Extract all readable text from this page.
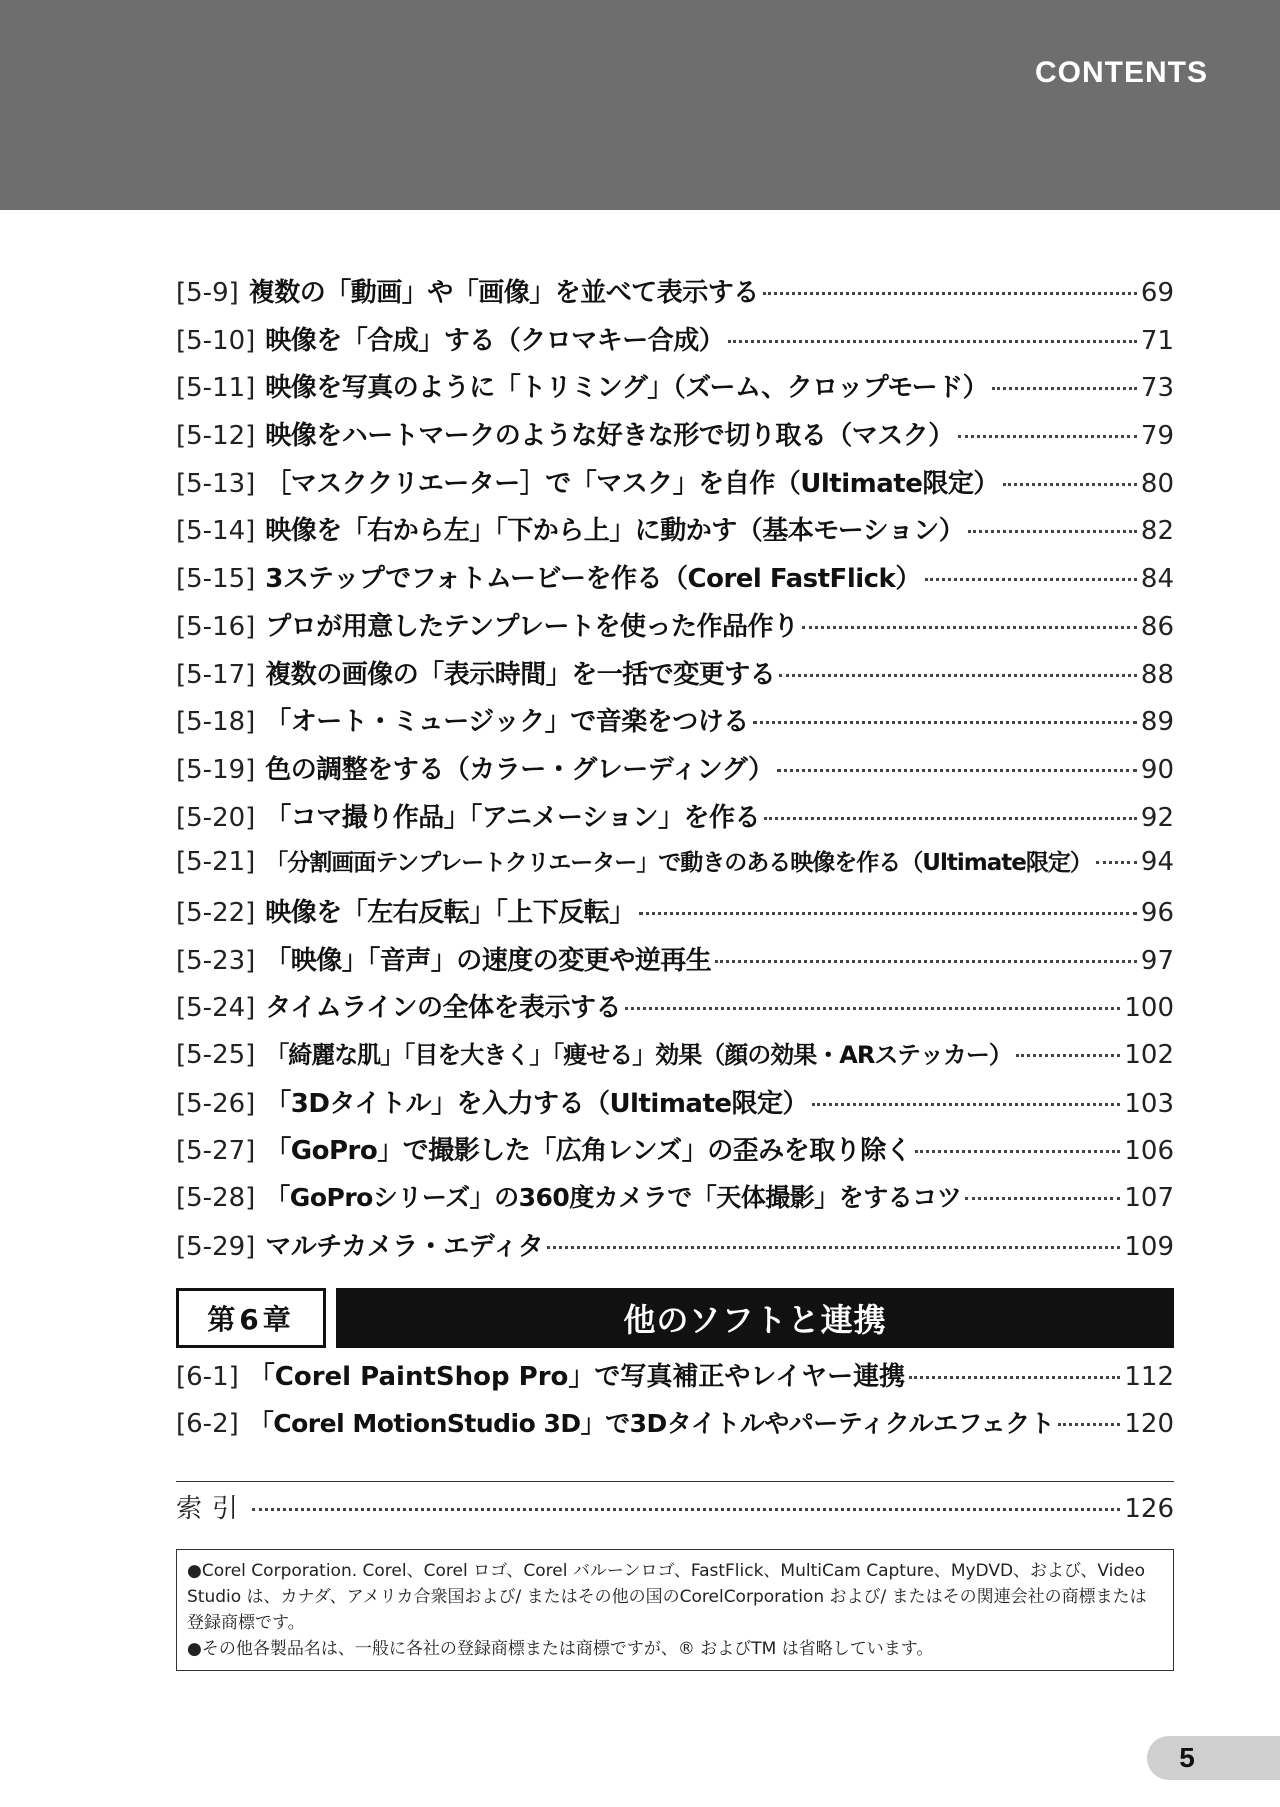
CONTENTS
[5-9] 複数の「動画」や「画像」を並べて表示する	69
[5-10] 映像を「合成」する（クロマキー合成）	71
[5-11] 映像を写真のように「トリミング」（ズーム、クロップモード）	73
[5-12] 映像をハートマークのような好きな形で切り取る（マスク）	79
[5-13] ［マスククリエーター］で「マスク」を自作（Ultimate限定）	80
[5-14] 映像を「右から左」「下から上」に動かす（基本モーション）	82
[5-15] 3ステップでフォトムービーを作る（Corel FastFlick）	84
[5-16] プロが用意したテンプレートを使った作品作り	86
[5-17] 複数の画像の「表示時間」を一括で変更する	88
[5-18] 「オート・ミュージック」で音楽をつける	89
[5-19] 色の調整をする（カラー・グレーディング）	90
[5-20] 「コマ撮り作品」「アニメーション」を作る	92
[5-21] 「分割画面テンプレートクリエーター」で動きのある映像を作る（Ultimate限定） 94
[5-22] 映像を「左右反転」「上下反転」	96
[5-23] 「映像」「音声」の速度の変更や逆再生	97
[5-24] タイムラインの全体を表示する	100
[5-25] 「綺麗な肌」「目を大きく」「痩せる」効果（顔の効果・ARステッカー）	102
[5-26] 「3Dタイトル」を入力する（Ultimate限定）	103
[5-27] 「GoPro」で撮影した「広角レンズ」の歪みを取り除く	106
[5-28] 「GoProシリーズ」の360度カメラで「天体撮影」をするコツ	107
[5-29] マルチカメラ・エディタ	109
第6章	他のソフトと連携
[6-1] 「Corel PaintShop Pro」で写真補正やレイヤー連携	112
[6-2] 「Corel MotionStudio 3D」で3Dタイトルやパーティクルエフェクト	120
索引	126

●Corel Corporation. Corel、Corel ロゴ、Corel バルーンロゴ、FastFlick、MultiCam Capture、MyDVD、および、Video Studio は、カナダ、アメリカ合衆国および/ またはその他の国のCorelCorporation および/ またはその関連会社の商標または登録商標です。

●その他各製品名は、一般に各社の登録商標または商標ですが、® およびTM は省略しています。

5
